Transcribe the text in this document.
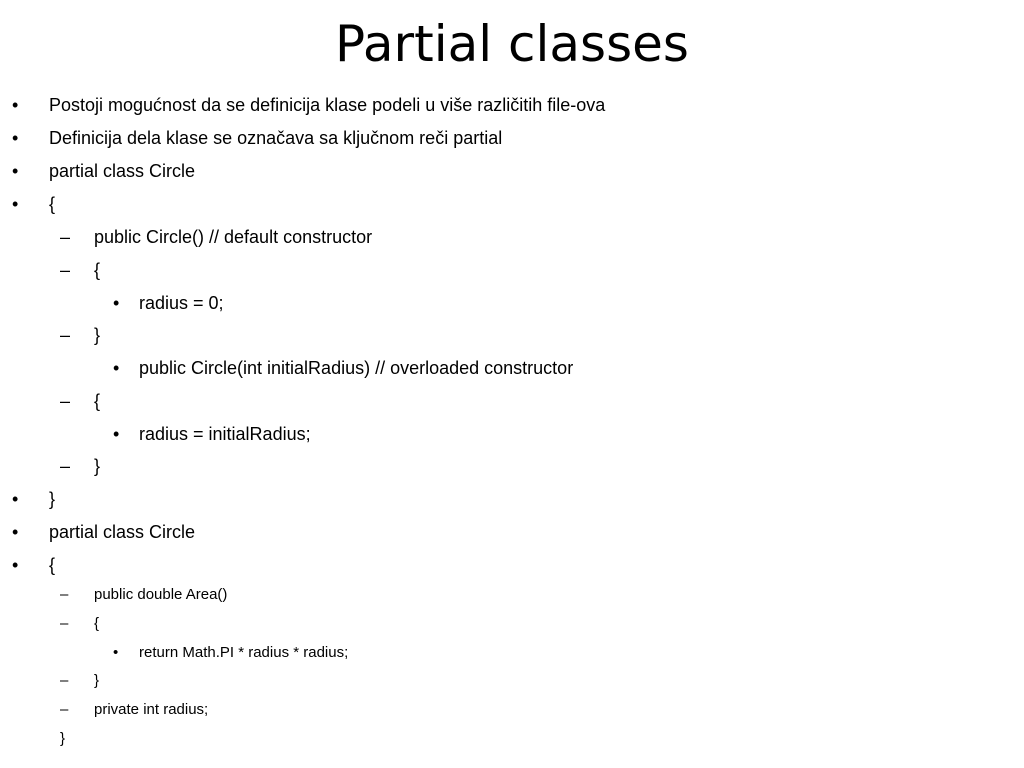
Partial classes
• Postoji mogućnost da se definicija klase podeli u više različitih file-ova
• Definicija dela klase se označava sa ključnom reči partial
• partial class Circle
• {
– public Circle() // default constructor
– {
• radius = 0;
– }
• public Circle(int initialRadius) // overloaded constructor
– {
• radius = initialRadius;
– }
• }
• partial class Circle
• {
– public double Area()
– {
• return Math.PI * radius * radius;
– }
– private int radius;
}
